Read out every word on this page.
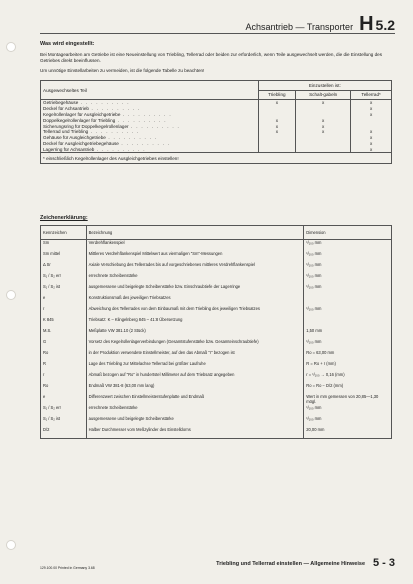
Achsantrieb — Transporter H 5.2
Was wird eingestellt:
Bei Montagearbeiten am Getriebe ist eine Neueinstellung von Triebling, Tellerrad oder beiden zur erforderlich, wenn Teile ausgewechselt werden, die die Einstellung des Getriebes direkt beeinflussen.
Um unnötige Einstellarbeiten zu vermeiden, ist die folgende Tabelle zu beachten!
Ausgewechseltes Teil	Einzustellen ist:		
	Triebling	Schalt-gabeln	Tellerrad*
Getriebegehäuse . . . . . . . . . .	x	x	x
Deckel für Achsantrieb . . . . . . . . . .			x
Kegelrollenlager für Ausgleichgetriebe . . . . . . . . . .			x
Doppelkegelrollenlager für Triebling . . . . . . . . . .	x	x	
Sicherungsring für Doppelkegelrollenlager . . . . . . . . . .	x	x	
Tellerrad und Triebling . . . . . . . . . .	x	x	x
Gehäuse für Ausgleichgetriebe . . . . . . . . . .			x
Deckel für Ausgleichgetriebegehäuse . . . . . . . . . .			x
Lagerring für Achsantrieb . . . . . . . . . .			x
* einschließlich Kegelrollenlager des Ausgleichgetriebes einstellen!			
Zeichenerklärung:
Kennzeichen	Bezeichnung	Dimension
Sm	Verdrehflankenspiel	¹/₁₀₀ mm
Sm mittel	Mittleres Verdrehflankenspiel Mittelwert aus viermaligen "Sm"-Messungen	¹/₁₀₀ mm
Δ Sr	Axiale Verschiebung des Tellerrades bis auf vorgeschriebenes mittleres Verdrehflankenspiel	¹/₁₀₀ mm
S₁ / S₂ err	errechnete Scheibenstärke	¹/₁₀₀ mm
S₁ / S₂ ist	ausgemessene und beigelegte Scheibenstärke bzw. Einschraubtiefe der Lagerringe	¹/₁₀₀ mm
e	Konstruktionsmaß des jeweiligen Triebsatzes	
r	Abweichung des Tellerrades von dem Einbaumaß mit dem Triebling des jeweiligen Triebsatzes	¹/₁₀₀ mm
K 845	Triebsatz: K – Klingelnberg 845 – 41:8 Übersetzung	
M.S.	Meßplatte VW 381.10 (2 Stück)	1,50 mm
G	Vorsetz des Kegelrollenlagerverbindungen (Gesamtstufenstärke bzw. Gesamteinschraubtiefe)	¹/₁₀₀ mm
Ro	in der Produktion verwendete Einstellmeister, auf den das Abmaß "r" bezogen ist	Ro = 63,00 mm
R	Lage des Triebling zur Mittelachse Tellerrad bei größter Laufruhe	R = Ro + r (mm)
r	Abmaß bezogen auf "Ro" in hundertstel Millimeter auf dem Triebsatz angegeben	r = ¹/₁₀₀ → 0,16 (mm)
Ro	Endmaß VW 381-8 (63,00 mm lang)	Ro = Ro − D/2 (mm)
e	Differenzwert zwischen Einstellmeisterstufenplatte und Endmaß	Wert in mm gemessen von 20,85—1,30 mögl.
S₁ / S₂ err	errechnete Scheibenstärke	¹/₁₀₀ mm
S₁ / S₂ ist	ausgemessene und beigelegte Scheibenstärke	¹/₁₀₀ mm
D/2	Halber Durchmesser vom Meßzylinder des Einstelldorns	20,00 mm
129.100.00 Printed in Germany 3.68
Triebling und Tellerrad einstellen — Allgemeine Hinweise 5 - 3
